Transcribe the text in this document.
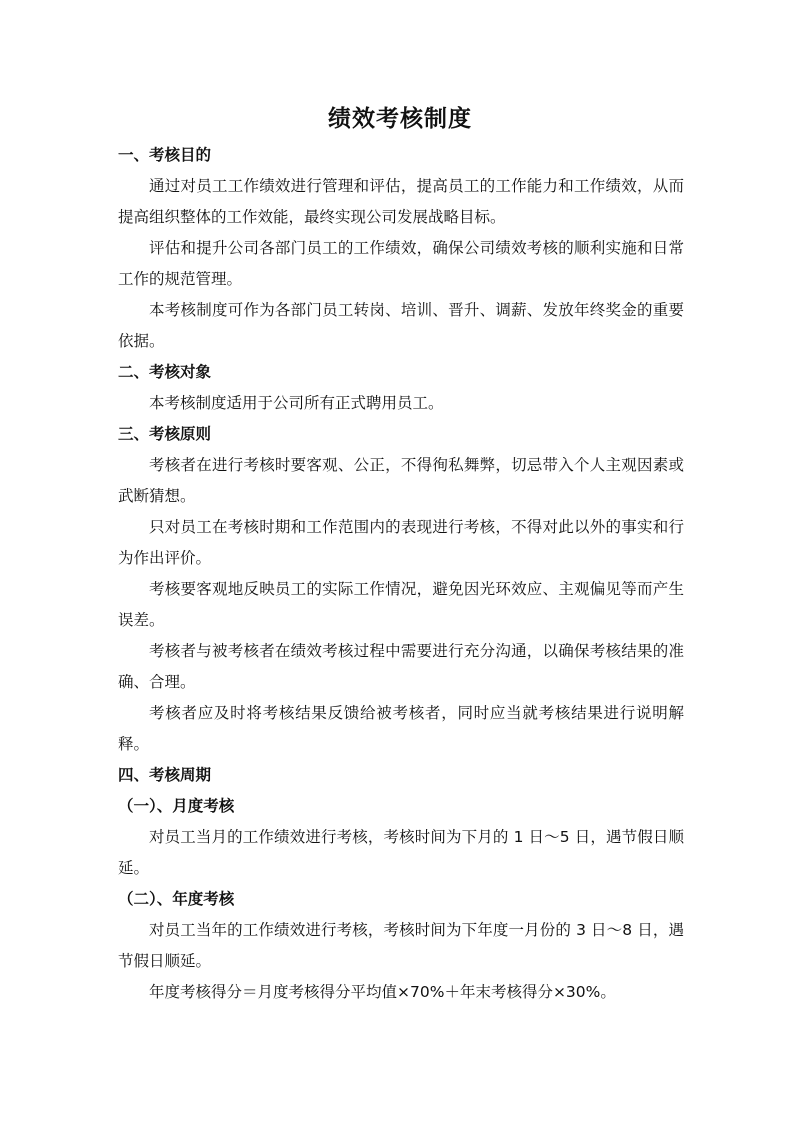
绩效考核制度
一、考核目的

通过对员工工作绩效进行管理和评估，提高员工的工作能力和工作绩效，从而提高组织整体的工作效能，最终实现公司发展战略目标。

评估和提升公司各部门员工的工作绩效，确保公司绩效考核的顺利实施和日常工作的规范管理。

本考核制度可作为各部门员工转岗、培训、晋升、调薪、发放年终奖金的重要依据。

二、考核对象

本考核制度适用于公司所有正式聘用员工。

三、考核原则

考核者在进行考核时要客观、公正，不得徇私舞弊，切忌带入个人主观因素或武断猜想。

只对员工在考核时期和工作范围内的表现进行考核，不得对此以外的事实和行为作出评价。

考核要客观地反映员工的实际工作情况，避免因光环效应、主观偏见等而产生误差。

考核者与被考核者在绩效考核过程中需要进行充分沟通，以确保考核结果的准确、合理。

考核者应及时将考核结果反馈给被考核者，同时应当就考核结果进行说明解释。

四、考核周期
（一）、月度考核

对员工当月的工作绩效进行考核，考核时间为下月的 1 日～5 日，遇节假日顺延。

（二）、年度考核

对员工当年的工作绩效进行考核，考核时间为下年度一月份的 3 日～8 日，遇节假日顺延。

年度考核得分＝月度考核得分平均值×70%＋年末考核得分×30%。
